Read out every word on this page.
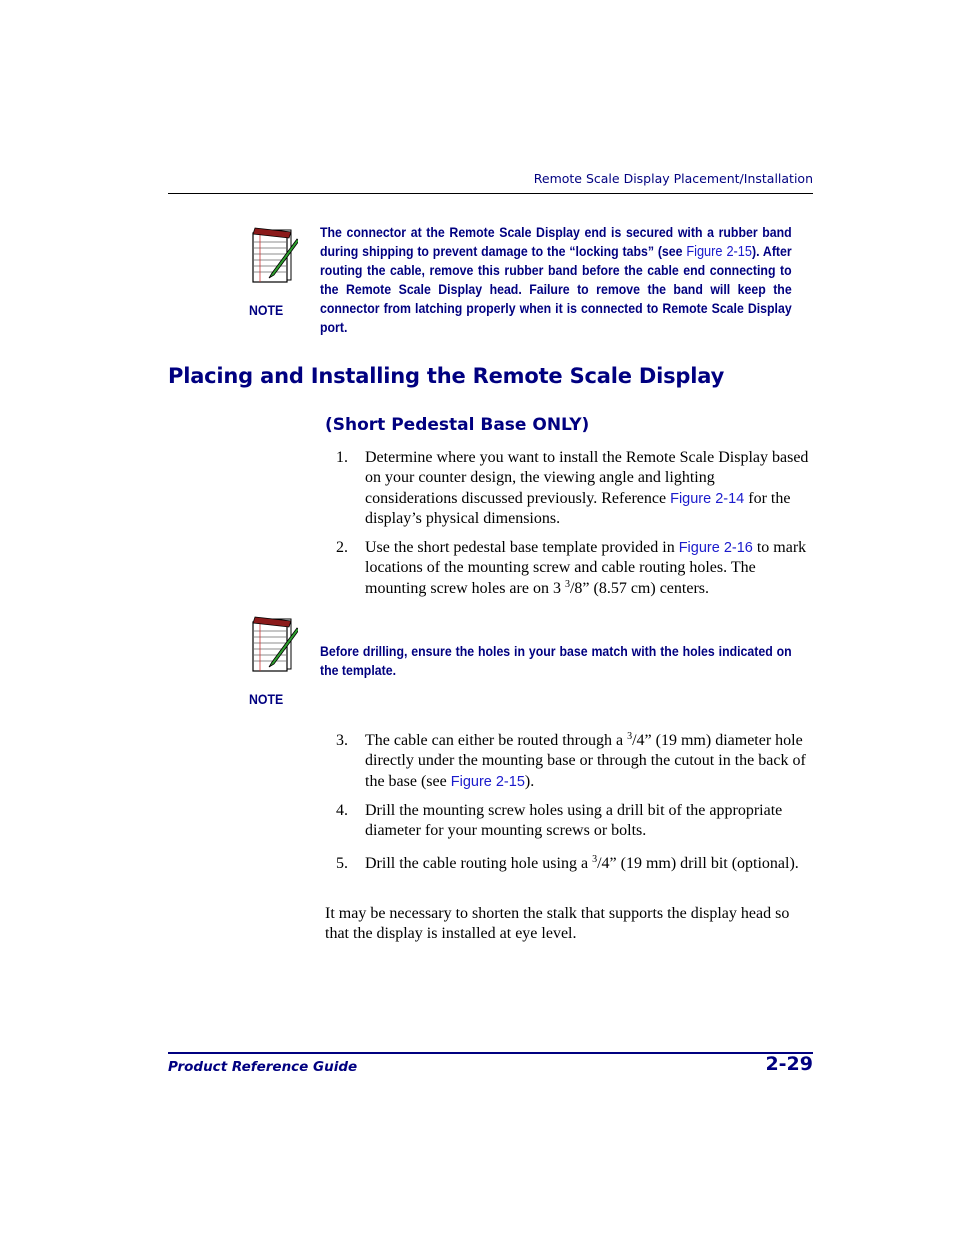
Remote Scale Display Placement/Installation
NOTE
The connector at the Remote Scale Display end is secured with a rubber band during shipping to prevent damage to the “locking tabs” (see Figure 2-15). After routing the cable, remove this rubber band before the cable end connecting to the Remote Scale Display head. Failure to remove the band will keep the connector from latching properly when it is connected to Remote Scale Display port.
Placing and Installing the Remote Scale Display
(Short Pedestal Base ONLY)
1. Determine where you want to install the Remote Scale Display based on your counter design, the viewing angle and lighting considerations discussed previously. Reference Figure 2-14 for the display’s physical dimensions.
2. Use the short pedestal base template provided in Figure 2-16 to mark locations of the mounting screw and cable routing holes. The mounting screw holes are on 3 $^3$/8” (8.57 cm) centers.
NOTE
Before drilling, ensure the holes in your base match with the holes indicated on the template.
3. The cable can either be routed through a $^3$/4” (19 mm) diameter hole directly under the mounting base or through the cutout in the back of the base (see Figure 2-15).
4. Drill the mounting screw holes using a drill bit of the appropriate diameter for your mounting screws or bolts.
5. Drill the cable routing hole using a $^3$/4” (19 mm) drill bit (optional).
It may be necessary to shorten the stalk that supports the display head so that the display is installed at eye level.
Product Reference Guide	2-29
